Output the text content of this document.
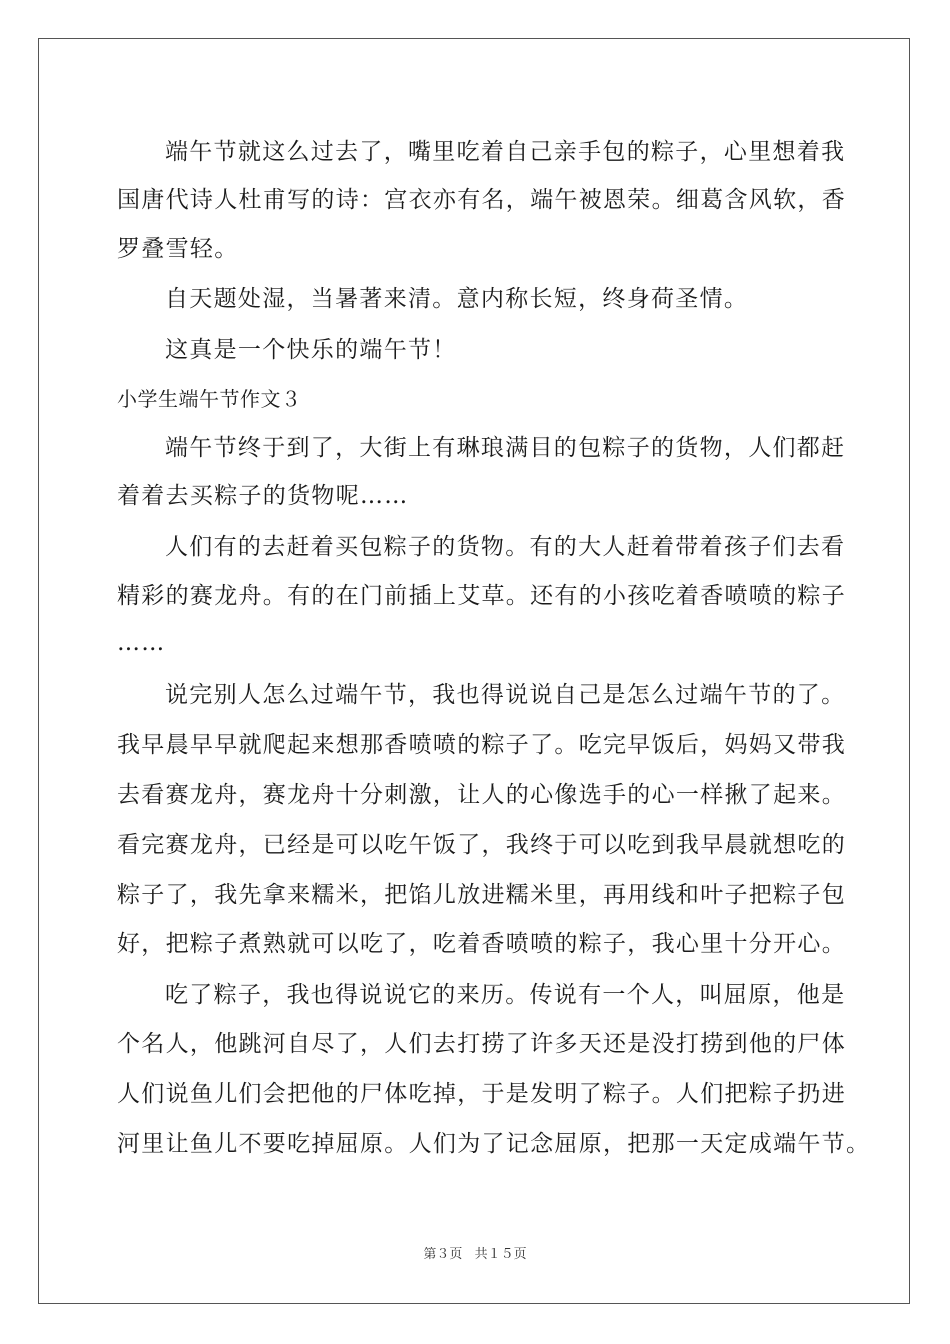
端午节就这么过去了，嘴里吃着自己亲手包的粽子，心里想着我
国唐代诗人杜甫写的诗：宫衣亦有名，端午被恩荣。细葛含风软，香
罗叠雪轻。
自天题处湿，当暑著来清。意内称长短，终身荷圣情。
这真是一个快乐的端午节！
小学生端午节作文３
端午节终于到了，大街上有琳琅满目的包粽子的货物，人们都赶
着着去买粽子的货物呢……
人们有的去赶着买包粽子的货物。有的大人赶着带着孩子们去看
精彩的赛龙舟。有的在门前插上艾草。还有的小孩吃着香喷喷的粽子
……
说完别人怎么过端午节，我也得说说自己是怎么过端午节的了。
我早晨早早就爬起来想那香喷喷的粽子了。吃完早饭后，妈妈又带我
去看赛龙舟，赛龙舟十分刺激，让人的心像选手的心一样揪了起来。
看完赛龙舟，已经是可以吃午饭了，我终于可以吃到我早晨就想吃的
粽子了，我先拿来糯米，把馅儿放进糯米里，再用线和叶子把粽子包
好，把粽子煮熟就可以吃了，吃着香喷喷的粽子，我心里十分开心。
吃了粽子，我也得说说它的来历。传说有一个人，叫屈原，他是
个名人，他跳河自尽了，人们去打捞了许多天还是没打捞到他的尸体
人们说鱼儿们会把他的尸体吃掉，于是发明了粽子。人们把粽子扔进
河里让鱼儿不要吃掉屈原。人们为了记念屈原，把那一天定成端午节。
第３页 共１５页
